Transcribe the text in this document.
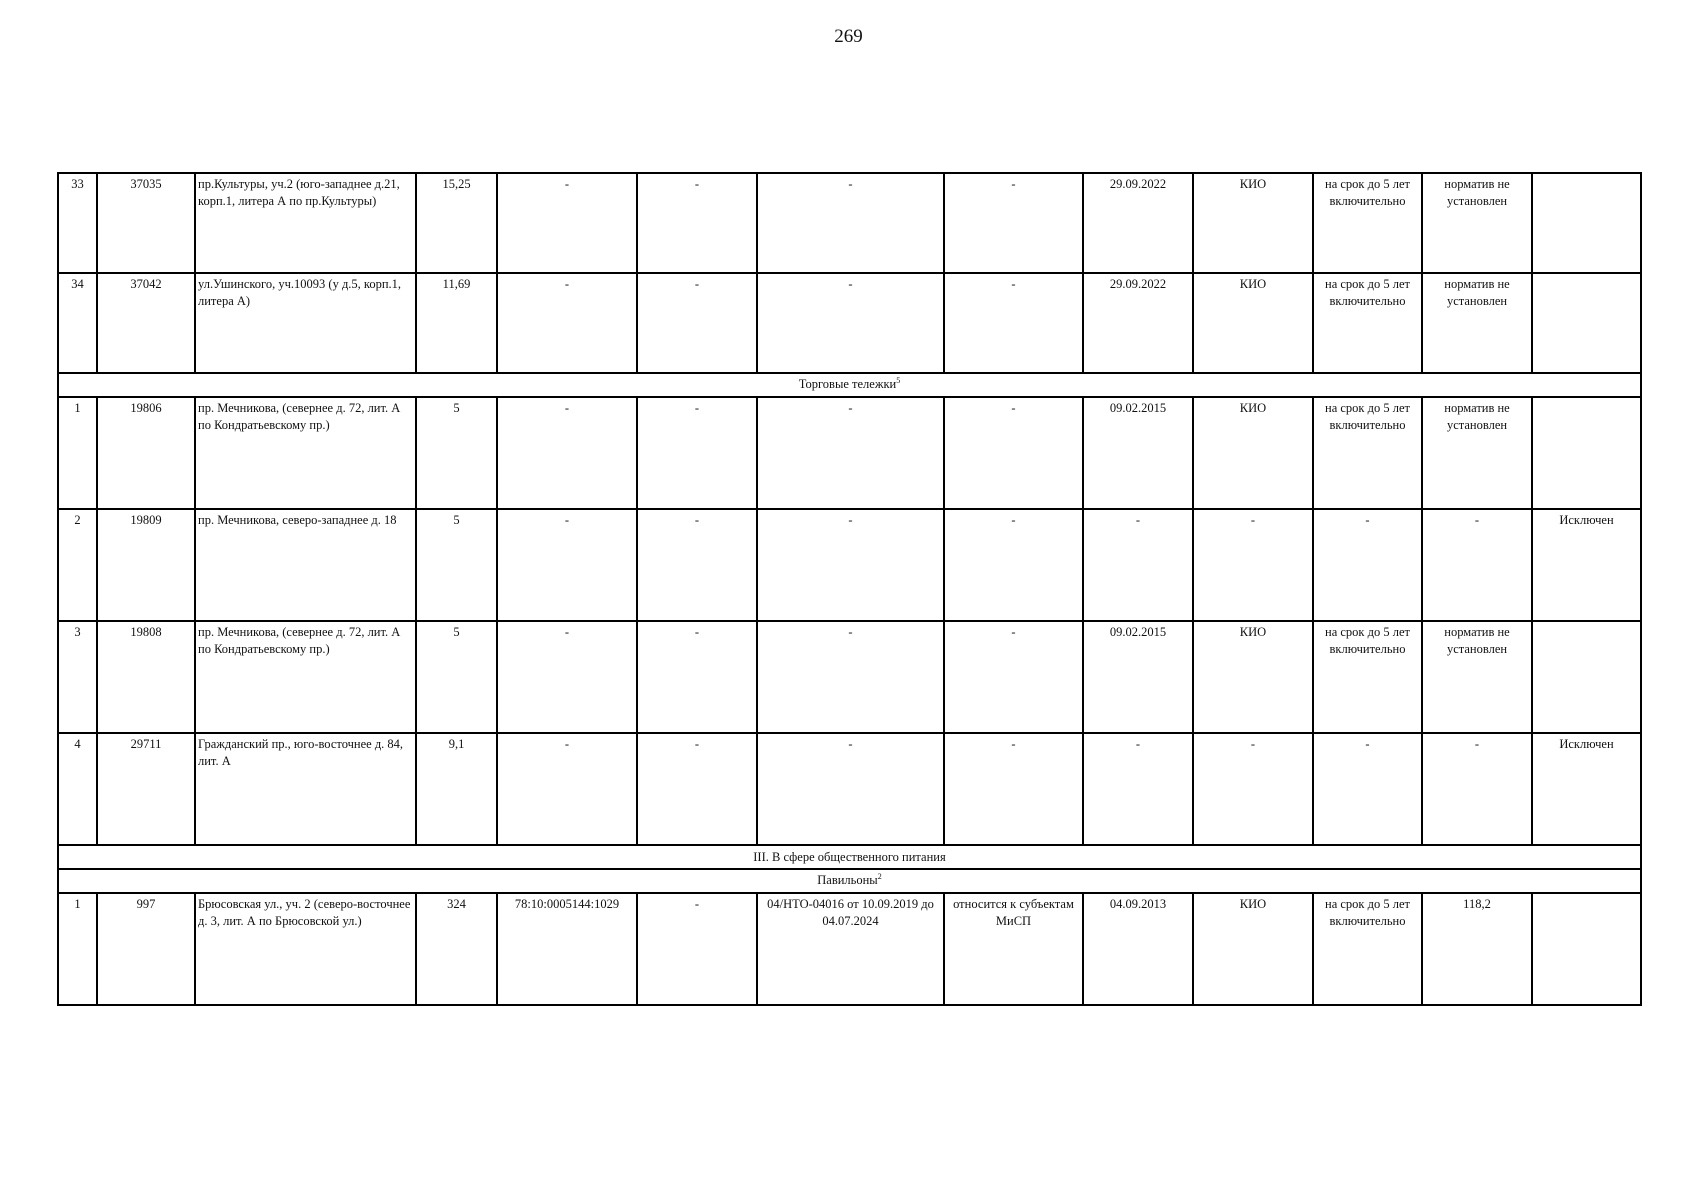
269
33	37035	пр.Культуры, уч.2 (юго-западнее д.21, корп.1, литера А по пр.Культуры)	15,25	-	-	-	-	29.09.2022	КИО	на срок до 5 лет включительно	норматив не установлен	
34	37042	ул.Ушинского, уч.10093 (у д.5, корп.1, литера А)	11,69	-	-	-	-	29.09.2022	КИО	на срок до 5 лет включительно	норматив не установлен	
Торговые тележки$^5$
1	19806	пр. Мечникова, (севернее д. 72, лит. А по Кондратьевскому пр.)	5	-	-	-	-	09.02.2015	КИО	на срок до 5 лет включительно	норматив не установлен	
2	19809	пр. Мечникова, северо-западнее д. 18	5	-	-	-	-	-	-	-	-	Исключен
3	19808	пр. Мечникова, (севернее д. 72, лит. А по Кондратьевскому пр.)	5	-	-	-	-	09.02.2015	КИО	на срок до 5 лет включительно	норматив не установлен	
4	29711	Гражданский пр., юго-восточнее д. 84, лит. А	9,1	-	-	-	-	-	-	-	-	Исключен
III. В сфере общественного питания												
Павильоны$^2$
1	997	Брюсовская ул., уч. 2 (северо-восточнее д. 3, лит. А по Брюсовской ул.)	324	78:10:0005144:1029	-	04/НТО-04016 от 10.09.2019 до 04.07.2024	относится к субъектам МиСП	04.09.2013	КИО	на срок до 5 лет включительно	118,2	
